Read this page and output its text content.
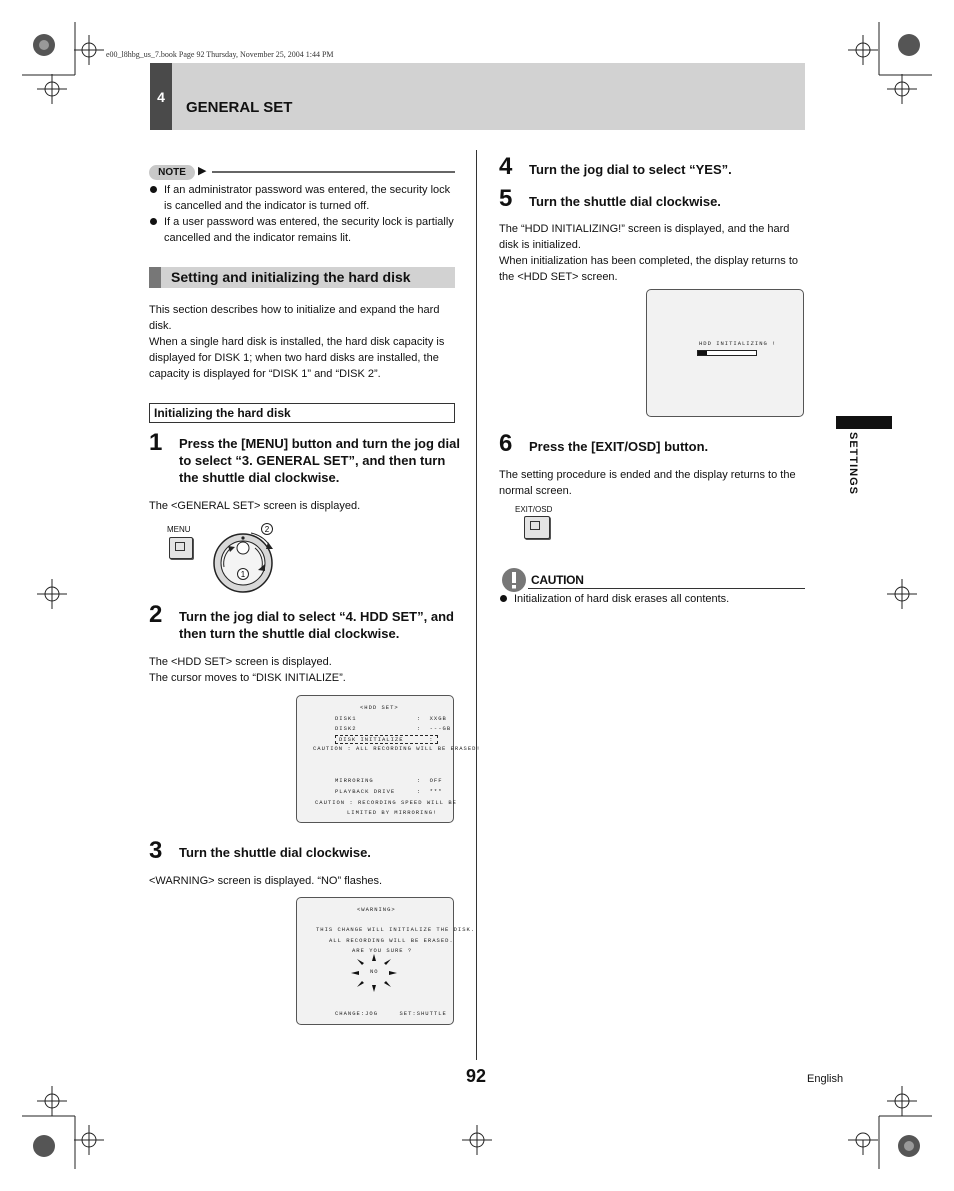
e00_l8hbg_us_7.book Page 92 Thursday, November 25, 2004 1:44 PM
4
GENERAL SET
SETTINGS
NOTE	▶
If an administrator password was entered, the security lock is cancelled and the indicator is turned off.
If a user password was entered, the security lock is partially cancelled and the indicator remains lit.
Setting and initializing the hard disk
This section describes how to initialize and expand the hard disk.
When a single hard disk is installed, the hard disk capacity is displayed for DISK 1; when two hard disks are installed, the capacity is displayed for “DISK 1” and “DISK 2”.
Initializing the hard disk
1 Press the [MENU] button and turn the jog dial to select “3. GENERAL SET”, and then turn the shuttle dial clockwise.
The <GENERAL SET> screen is displayed.
MENU	2
1
2 Turn the jog dial to select “4. HDD SET”, and then turn the shuttle dial clockwise.
The <HDD SET> screen is displayed.
The cursor moves to “DISK INITIALIZE”.
<HDD SET>
DISK1              :  XXGB
DISK2              :  ---GB
DISK INITIALIZE      :
CAUTION : ALL RECORDING WILL BE ERASED!
MIRRORING          :  OFF
PLAYBACK DRIVE     :  ***
CAUTION : RECORDING SPEED WILL BE
LIMITED BY MIRRORING!
3 Turn the shuttle dial clockwise.
<WARNING> screen is displayed. “NO” flashes.
<WARNING>
THIS CHANGE WILL INITIALIZE THE DISK.
ALL RECORDING WILL BE ERASED.
ARE YOU SURE ?
NO
CHANGE:JOG     SET:SHUTTLE
4 Turn the jog dial to select “YES”.
5 Turn the shuttle dial clockwise.
The “HDD INITIALIZING!” screen is displayed, and the hard disk is initialized.
When initialization has been completed, the display returns to the <HDD SET> screen.
HDD INITIALIZING !
6 Press the [EXIT/OSD] button.
The setting procedure is ended and the display returns to the normal screen.
EXIT/OSD
CAUTION
Initialization of hard disk erases all contents.
92	English
